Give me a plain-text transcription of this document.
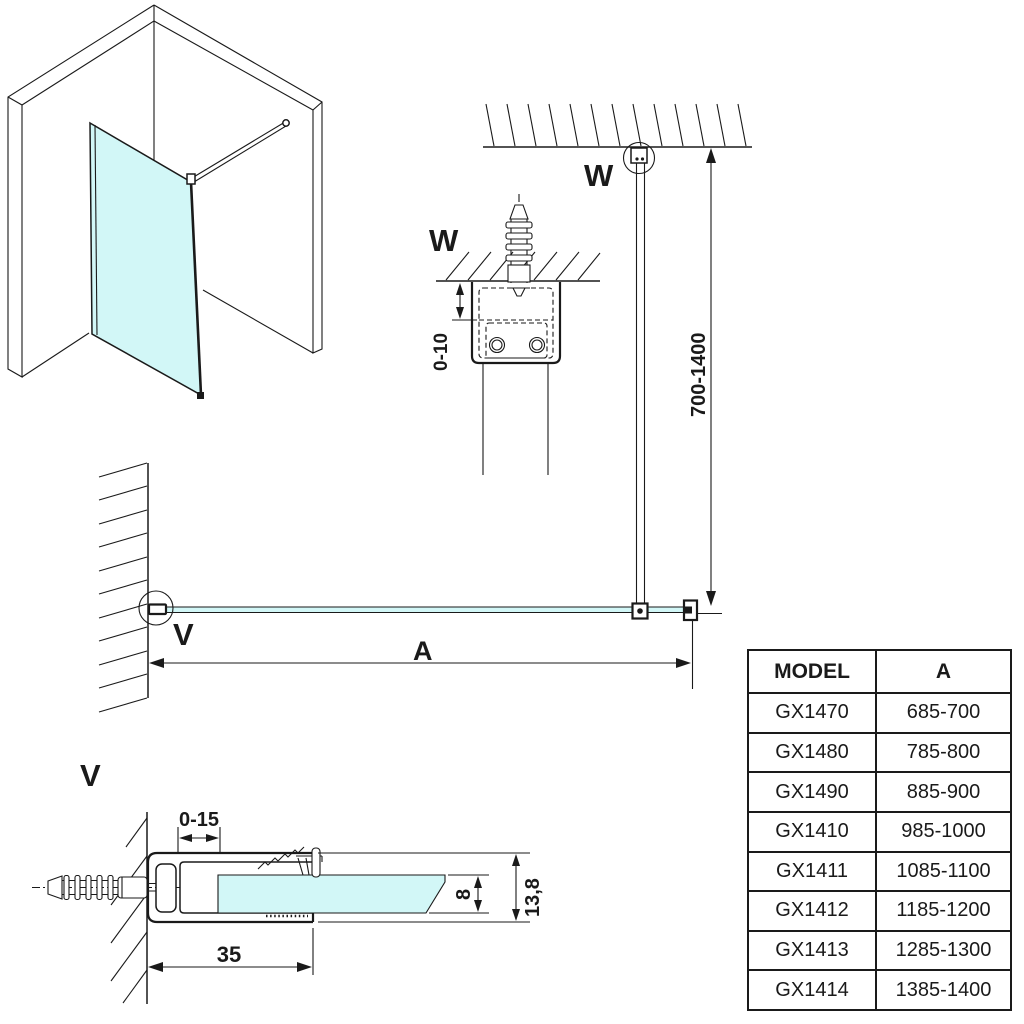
W
0-10
W
700-1400
V	A
V
0-15
35
8 13,8
MODEL	A
GX1470	685-700
GX1480	785-800
GX1490	885-900
GX1410	985-1000
GX1411	1085-1100
GX1412	1185-1200
GX1413	1285-1300
GX1414	1385-1400
